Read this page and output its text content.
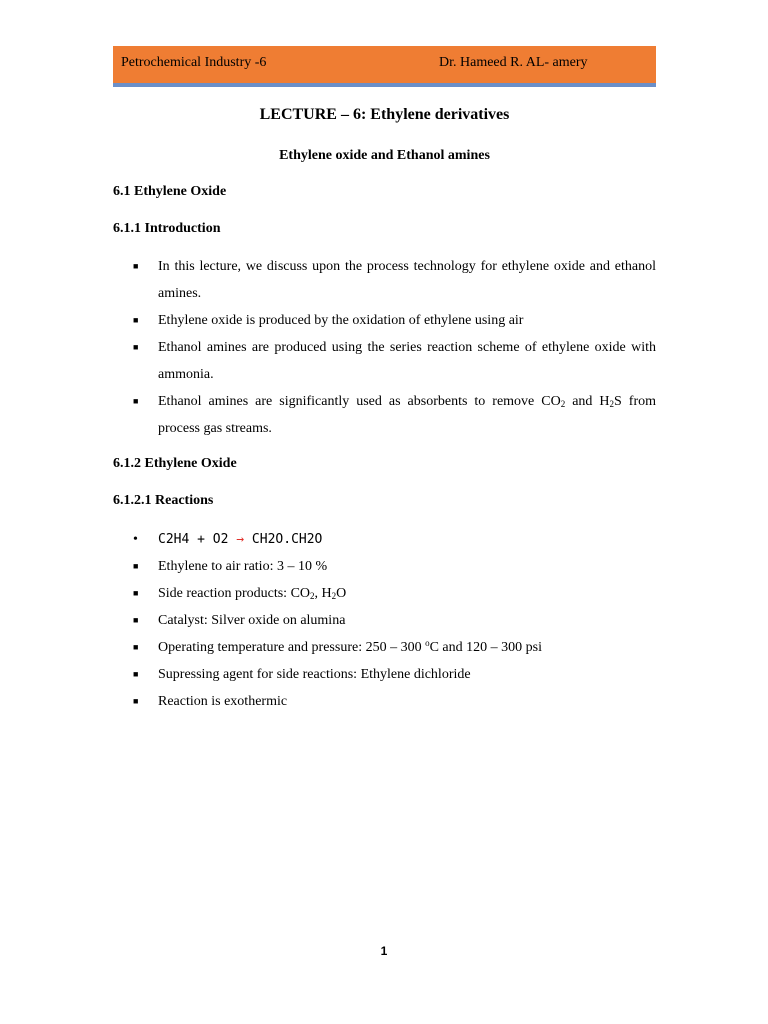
Petrochemical Industry -6	Dr. Hameed R. AL- amery
LECTURE – 6: Ethylene derivatives
Ethylene oxide and Ethanol amines
6.1 Ethylene Oxide
6.1.1 Introduction
■ In this lecture, we discuss upon the process technology for ethylene oxide and ethanol amines.
■ Ethylene oxide is produced by the oxidation of ethylene using air
■ Ethanol amines are produced using the series reaction scheme of ethylene oxide with ammonia.
■ Ethanol amines are significantly used as absorbents to remove $CO_2$ and $H_2S$ from process gas streams.
6.1.2 Ethylene Oxide
6.1.2.1 Reactions
• C2H4 + O2 → CH2O.CH2O
■ Ethylene to air ratio: 3 – 10 %
■ Side reaction products: $CO_2$, $H_2O$
■ Catalyst: Silver oxide on alumina
■ Operating temperature and pressure: 250 – 300 $^o$C and 120 – 300 psi
■ Supressing agent for side reactions: Ethylene dichloride
■ Reaction is exothermic
1
